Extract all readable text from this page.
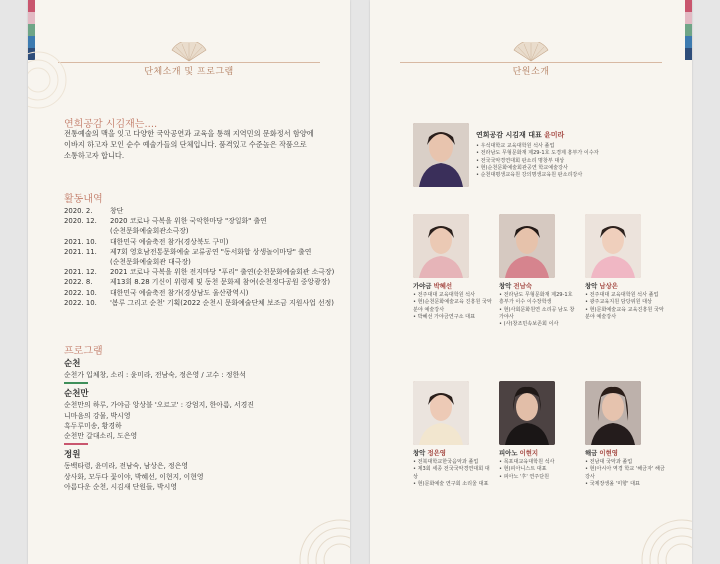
단체소개 및 프로그램
연희공감 시김재는....
전통예술의 맥을 잇고 다양한 국악공연과 교육을 통해 지역민의 문화정서 함양에
이바지 하고자 모인 순수 예술가들의 단체입니다. 품격있고 수준높은 작품으로
소통하고자 합니다.
활동내역
2020. 2.	창단
2020. 12.	2020 코로나 극복을 위한 국악한마당 "장일화" 출연
(순천문화예술회관소극장)
2021. 10.	대한민국 예술축전 참가(경상북도 구미)
2021. 11.	제7회 영호남전통문화예술 교류공연 "동서화합 상생놀이마당" 출연
(순천문화예술회관 대극장)
2021. 12.	2021 코로나 극복을 위한 전지마당 "푸리" 출연(순천문화예술회관 소극장)
2022. 8.	제13회 8.28 기신이 위령제 및 동천 문화제 참여(순천정다공원 중앙광장)
2022. 10.	대한민국 예술축전 참가(경상남도 울산광역시)
2022. 10.	'봄루 그리고 순천' 기획(2022 순천시 문화예술단체 보조금 지원사업 선정)
프로그램
순천
순천가 입체창, 소리 : 윤미라, 전남숙, 정은영 / 고수 : 정한석
순천만
순천만의 하루, 가야금 앙상블 '오르고' : 강엄지, 한아름, 서경진
니마음의 강물, 박시영
흑두루미송, 황경하
순천만 갈대소리, 도은영
정원
동백타령, 윤미라, 전남숙, 남상은, 정은영
상사화, 모두다 꽃이야, 박혜선, 이현지, 이현영
아름다운 순천, 시김새 단원들, 박시영
단원소개
연희공감 시김재 대표 윤미라
• 우석대학교 교육대학원 석사 졸업
• 전라남도 무형문화재 제29-1호 도경제 흥부가 이수자
• 전국국악경연대회 판소리 명창부 대상
• 현)순천문화예술회관공연 학교예술강사
• 순천대평생교육원 강의명생교육원 판소리강사
가야금 박혜선
• 전주대대 교육대학원 석사
• 현)순천문화예술교육 진흥원 국악분야 예술강사
• 박혜선 가야금연구소 대표
창악 전남숙
• 전라남도 무형문화재 제29-1호 흥부가 이수 이수장학생
• 현)사회문화원연 소리공 남도 창가야사
• (사)창조민속보존회 이사
창악 남상은
• 전주대대 교육대학원 석사 졸업
• 광주교육지원 담당위원 대상
• 현)문화예술교육 교육진흥원 국악분야 예술강사
창악 정은영
• 전북대학교한국음악과 졸업
• 제3회 세종 전국국악경연대회 대상
• 현)문화예술 연구회 소리울 대표
피아노 이현지
• 목포대교육대학원 석사
• 현)피아니스트 대표
• 피아노 '후' 연주단원
해금 이현영
• 전남대 국악과 졸업
• 현)아시아 역경 학교 '해금자' 해금 강사
• 국제장생올 '미향' 대표
